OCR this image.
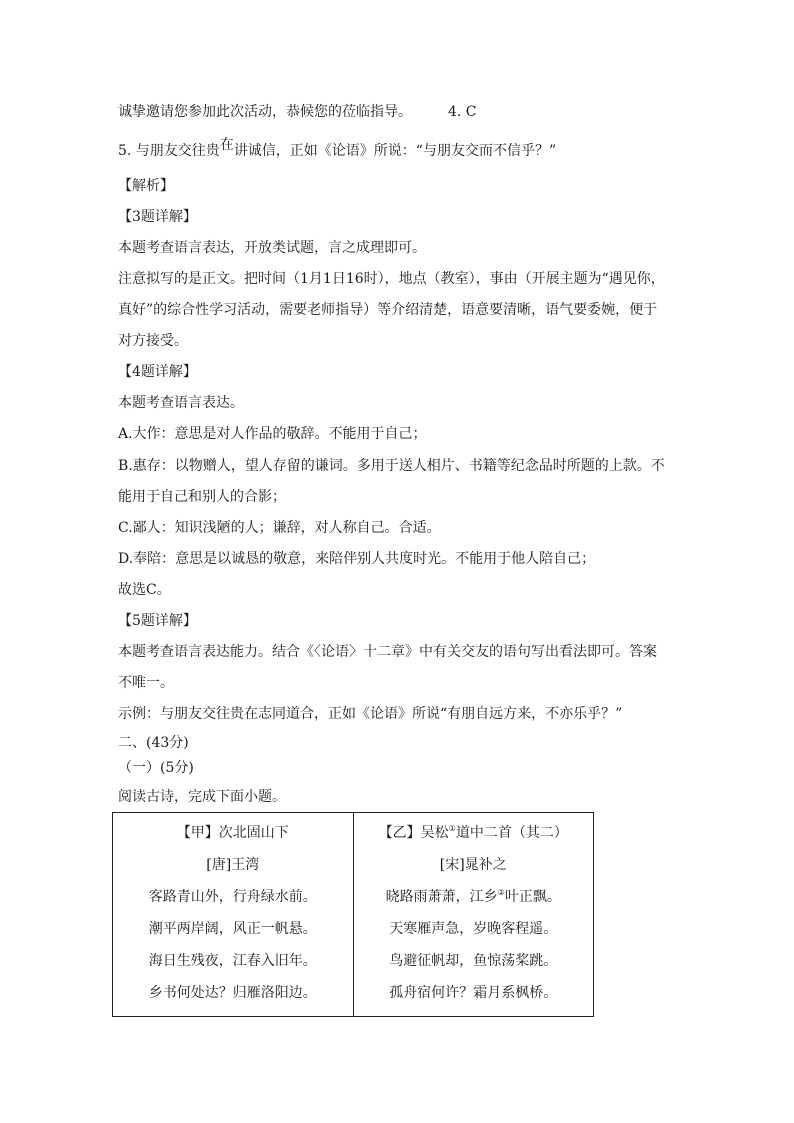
诚挚邀请您参加此次活动，恭候您的莅临指导。	4. C
5. 与朋友交往贵在讲诚信，正如《论语》所说：“与朋友交而不信乎？”
【解析】
【3题详解】
本题考查语言表达，开放类试题，言之成理即可。
注意拟写的是正文。把时间（1月1日16时），地点（教室），事由（开展主题为“遇见你，
真好”的综合性学习活动，需要老师指导）等介绍清楚，语意要清晰，语气要委婉，便于
对方接受。
【4题详解】
本题考查语言表达。
A.大作：意思是对人作品的敬辞。不能用于自己；
B.惠存：以物赠人，望人存留的谦词。多用于送人相片、书籍等纪念品时所题的上款。不
能用于自己和别人的合影；
C.鄙人：知识浅陋的人；谦辞，对人称自己。合适。
D.奉陪：意思是以诚恳的敬意，来陪伴别人共度时光。不能用于他人陪自己；
故选C。
【5题详解】
本题考查语言表达能力。结合《〈论语〉十二章》中有关交友的语句写出看法即可。答案
不唯一。
示例：与朋友交往贵在志同道合，正如《论语》所说“有朋自远方来，不亦乐乎？”
二、(43分)
（一）(5分)
阅读古诗，完成下面小题。
【甲】次北固山下
[唐]王湾
客路青山外，行舟绿水前。
潮平两岸阔，风正一帆悬。
海日生残夜，江春入旧年。
乡书何处达？归雁洛阳边。

【乙】吴松①道中二首（其二）
[宋]晁补之
晓路雨萧萧，江乡②叶正飘。
天寒雁声急，岁晚客程遥。
鸟避征帆却，鱼惊荡桨跳。
孤舟宿何许？霜月系枫桥。
